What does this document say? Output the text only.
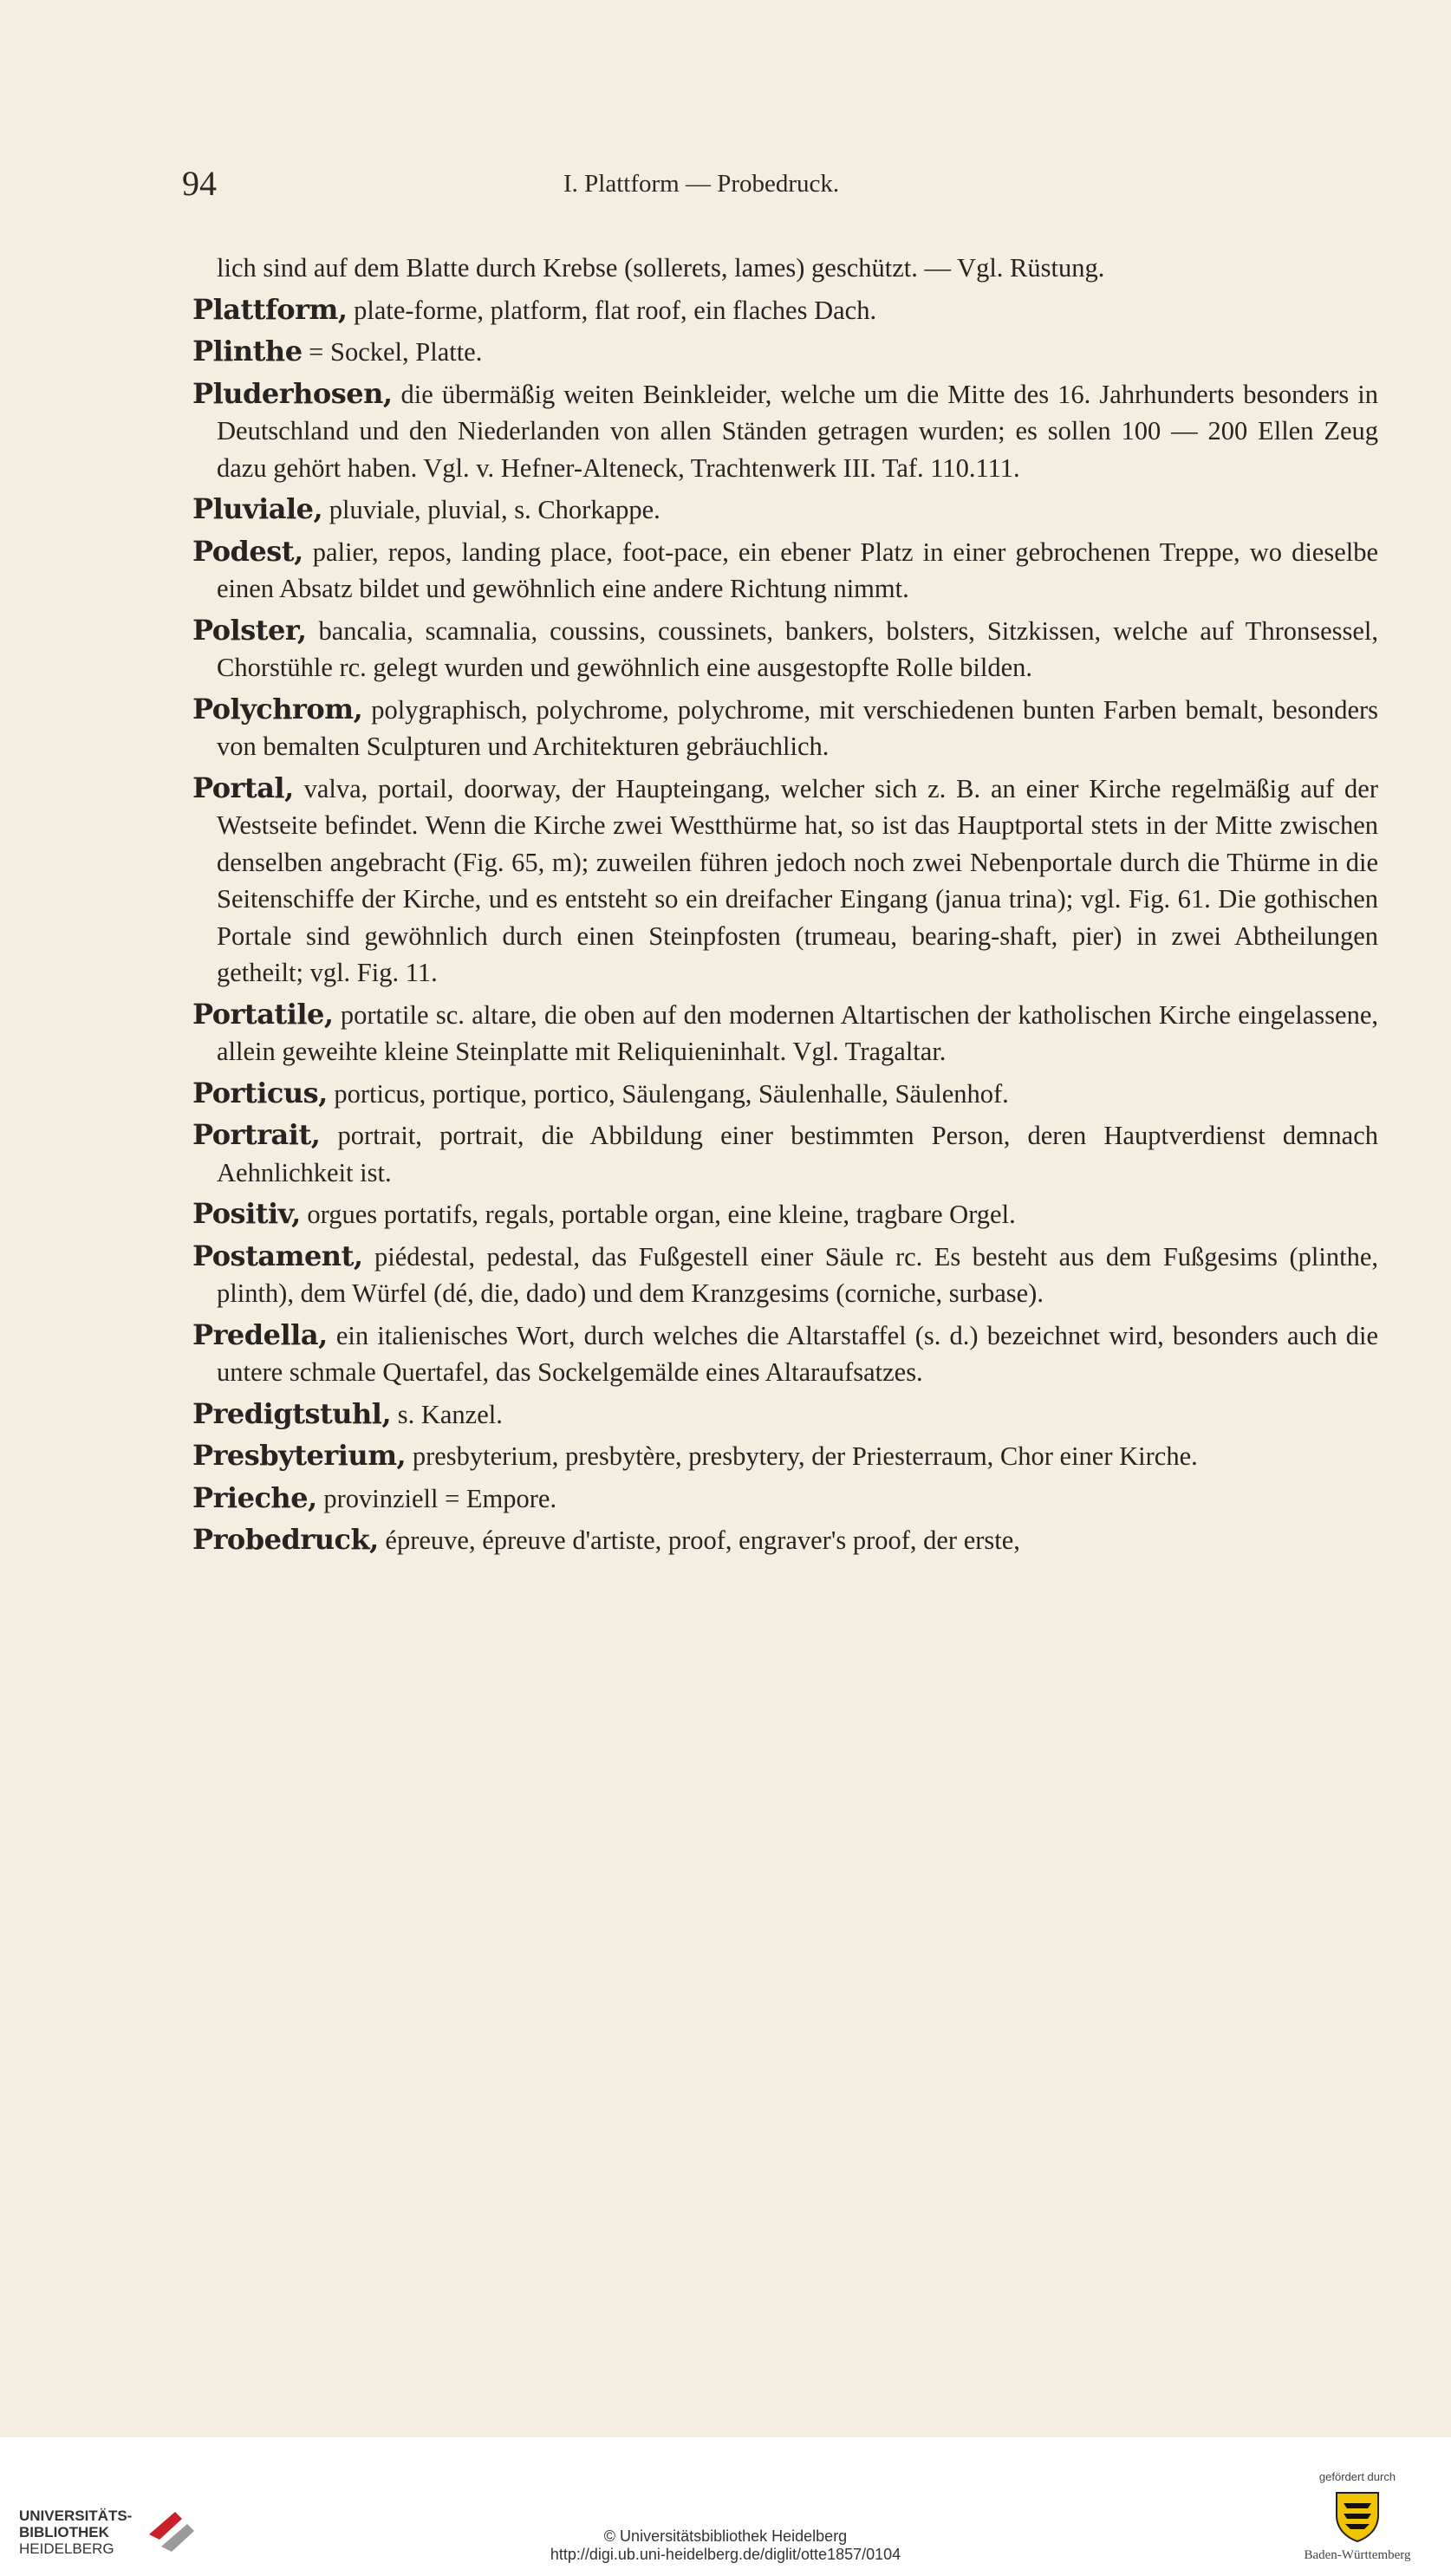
94	I. Plattform — Probedruck.

lich sind auf dem Blatte durch Krebse (sollerets, lames) geschützt. — Vgl. Rüstung.

Plattform, plate-forme, platform, flat roof, ein flaches Dach.

Plinthe = Sockel, Platte.

Pluderhosen, die übermäßig weiten Beinkleider, welche um die Mitte des 16. Jahrhunderts besonders in Deutschland und den Niederlanden von allen Ständen getragen wurden; es sollen 100 — 200 Ellen Zeug dazu gehört haben. Vgl. v. Hefner-Alteneck, Trachtenwerk III. Taf. 110.111.

Pluviale, pluviale, pluvial, s. Chorkappe.

Podest, palier, repos, landing place, foot-pace, ein ebener Platz in einer gebrochenen Treppe, wo dieselbe einen Absatz bildet und gewöhnlich eine andere Richtung nimmt.

Polster, bancalia, scamnalia, coussins, coussinets, bankers, bolsters, Sitzkissen, welche auf Thronsessel, Chorstühle rc. gelegt wurden und gewöhnlich eine ausgestopfte Rolle bilden.

Polychrom, polygraphisch, polychrome, polychrome, mit verschiedenen bunten Farben bemalt, besonders von bemalten Sculpturen und Architekturen gebräuchlich.

Portal, valva, portail, doorway, der Haupteingang, welcher sich z. B. an einer Kirche regelmäßig auf der Westseite befindet. Wenn die Kirche zwei Westthürme hat, so ist das Hauptportal stets in der Mitte zwischen denselben angebracht (Fig. 65, m); zuweilen führen jedoch noch zwei Nebenportale durch die Thürme in die Seitenschiffe der Kirche, und es entsteht so ein dreifacher Eingang (janua trina); vgl. Fig. 61. Die gothischen Portale sind gewöhnlich durch einen Steinpfosten (trumeau, bearing-shaft, pier) in zwei Abtheilungen getheilt; vgl. Fig. 11.

Portatile, portatile sc. altare, die oben auf den modernen Altartischen der katholischen Kirche eingelassene, allein geweihte kleine Steinplatte mit Reliquieninhalt. Vgl. Tragaltar.

Porticus, porticus, portique, portico, Säulengang, Säulenhalle, Säulenhof.

Portrait, portrait, portrait, die Abbildung einer bestimmten Person, deren Hauptverdienst demnach Aehnlichkeit ist.

Positiv, orgues portatifs, regals, portable organ, eine kleine, tragbare Orgel.

Postament, piédestal, pedestal, das Fußgestell einer Säule rc. Es besteht aus dem Fußgesims (plinthe, plinth), dem Würfel (dé, die, dado) und dem Kranzgesims (corniche, surbase).

Predella, ein italienisches Wort, durch welches die Altarstaffel (s. d.) bezeichnet wird, besonders auch die untere schmale Quertafel, das Sockelgemälde eines Altaraufsatzes.

Predigtstuhl, s. Kanzel.

Presbyterium, presbyterium, presbytère, presbytery, der Priesterraum, Chor einer Kirche.

Prieche, provinziell = Empore.

Probedruck, épreuve, épreuve d'artiste, proof, engraver's proof, der erste,

UNIVERSITÄTS-
BIBLIOTHEK
HEIDELBERG
© Universitätsbibliothek Heidelberg
http://digi.ub.uni-heidelberg.de/diglit/otte1857/0104
gefördert durch
Baden-Württemberg
